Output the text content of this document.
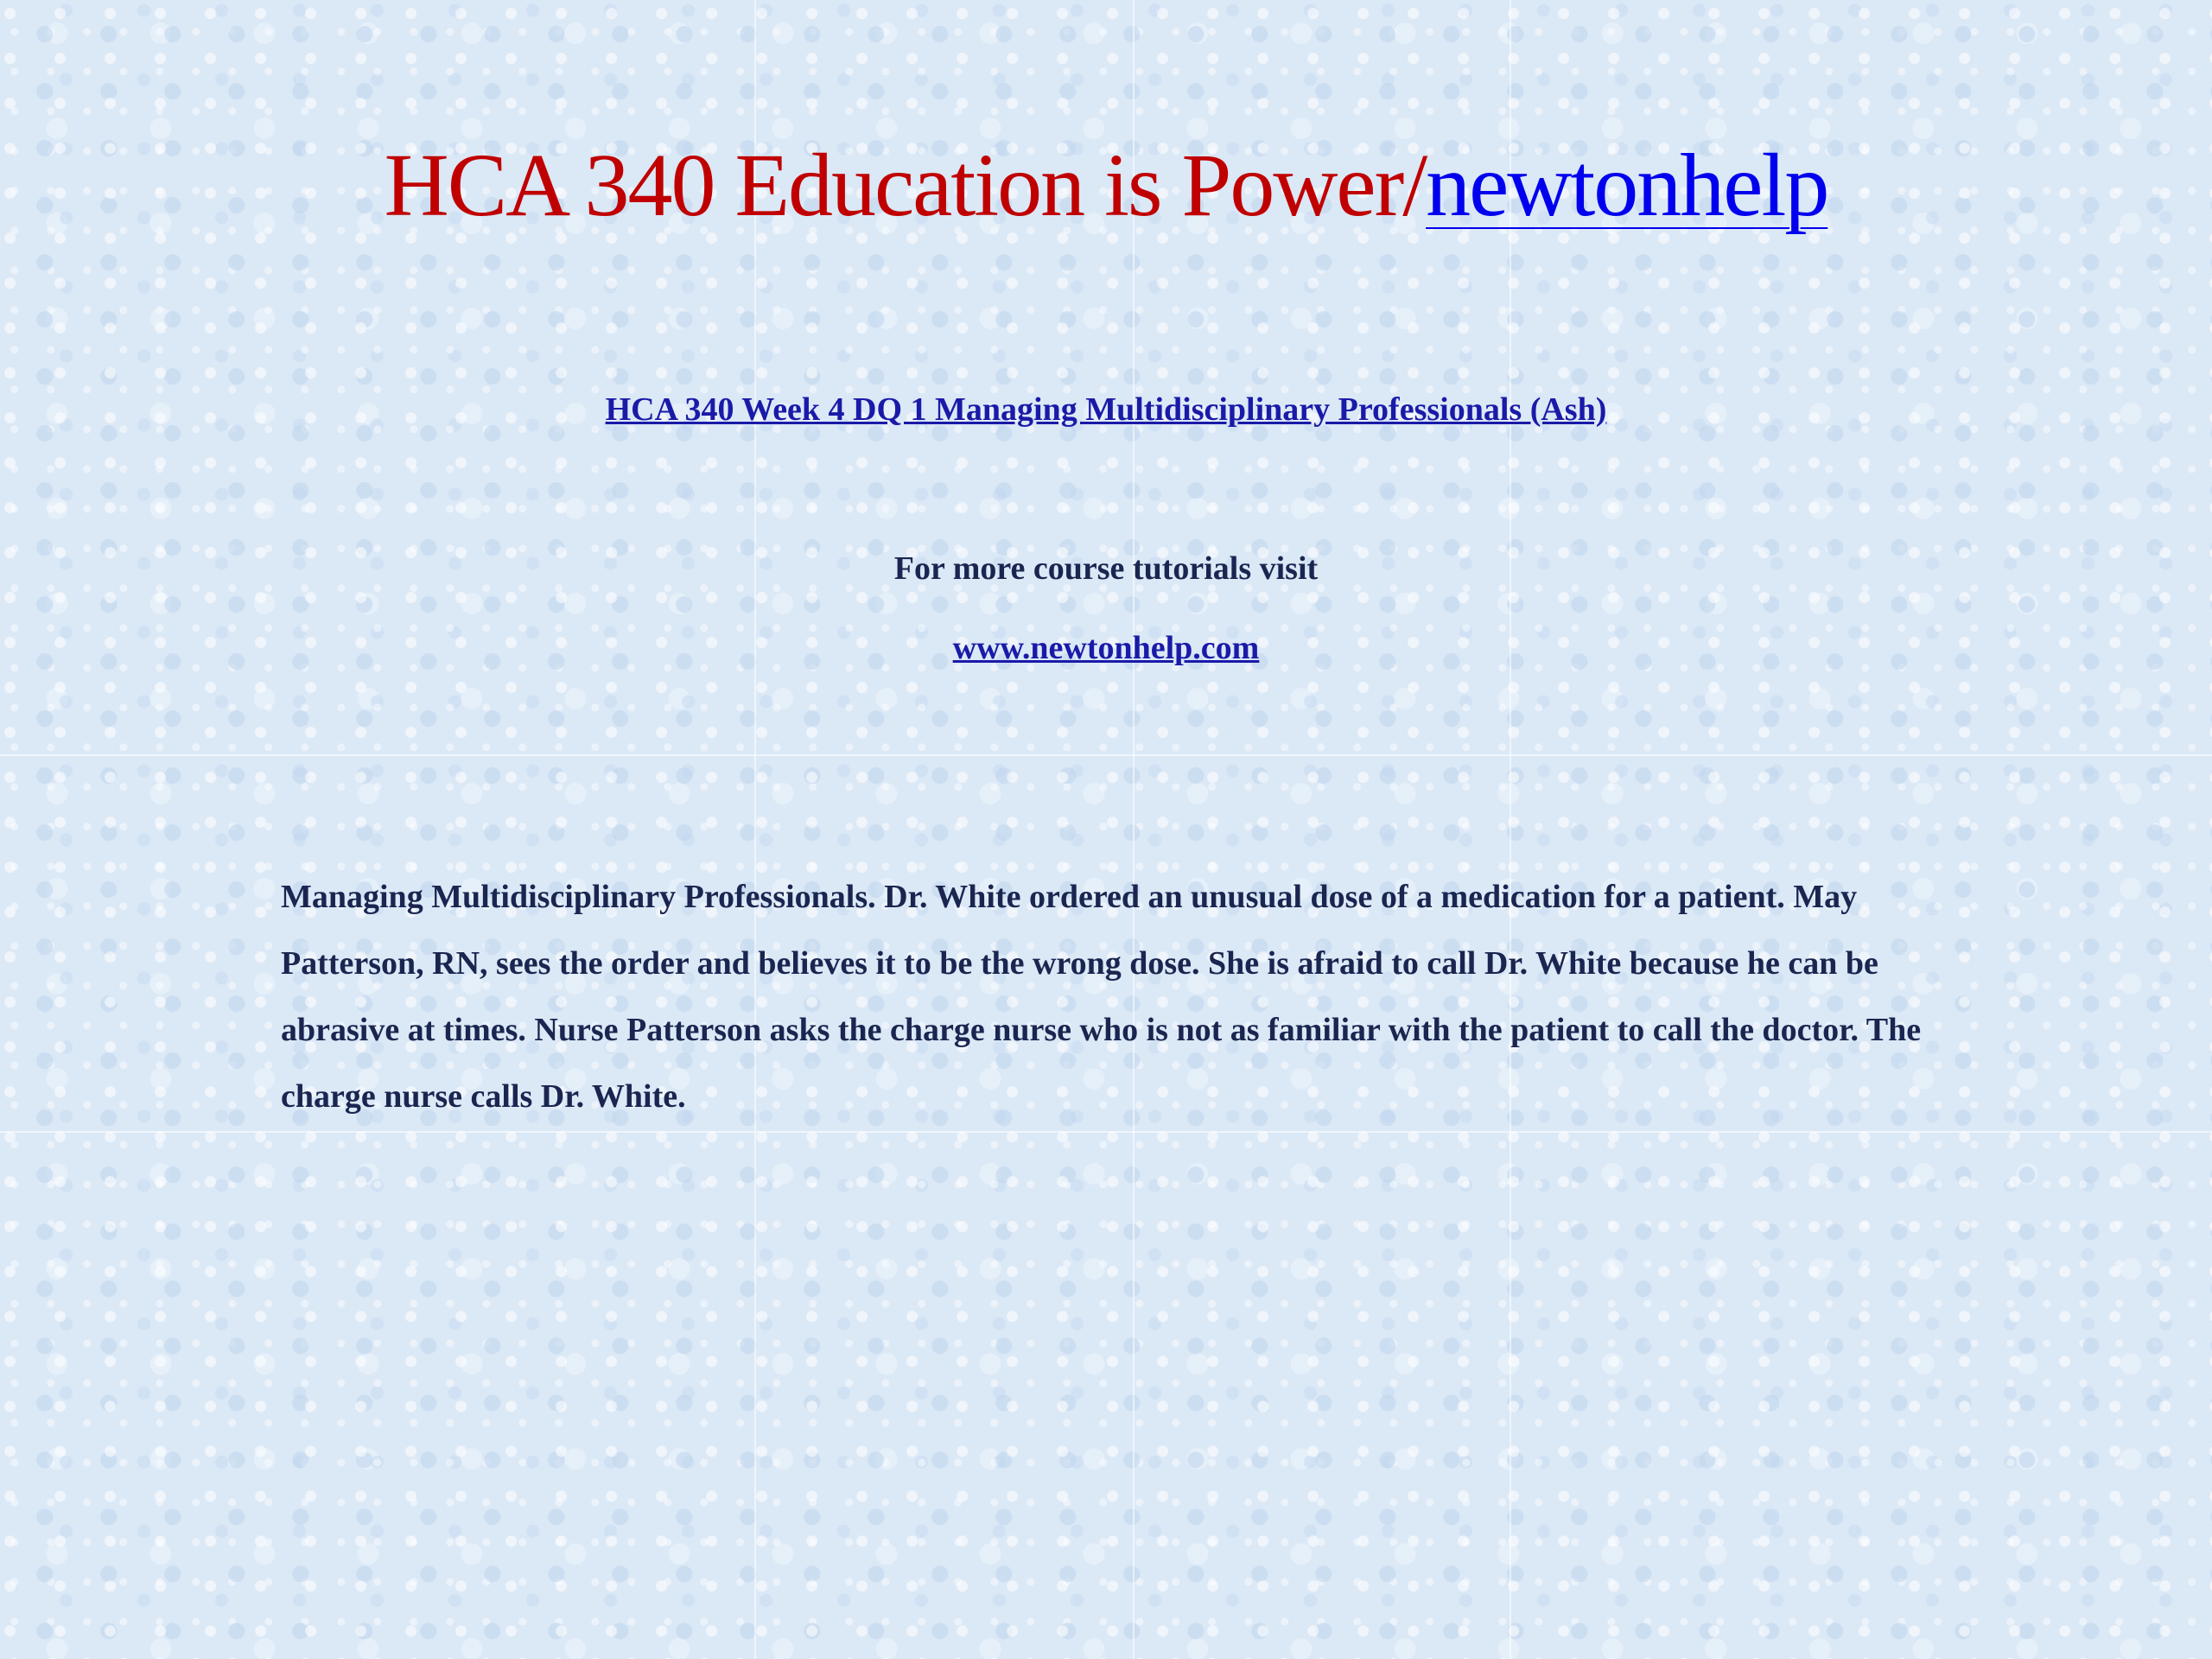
HCA 340 Education is Power/newtonhelp
HCA 340 Week 4 DQ 1 Managing Multidisciplinary Professionals (Ash)
For more course tutorials visit
www.newtonhelp.com
Managing Multidisciplinary Professionals. Dr. White ordered an unusual dose of a medication for a patient. May Patterson, RN, sees the order and believes it to be the wrong dose. She is afraid to call Dr. White because he can be abrasive at times. Nurse Patterson asks the charge nurse who is not as familiar with the patient to call the doctor. The charge nurse calls Dr. White.
